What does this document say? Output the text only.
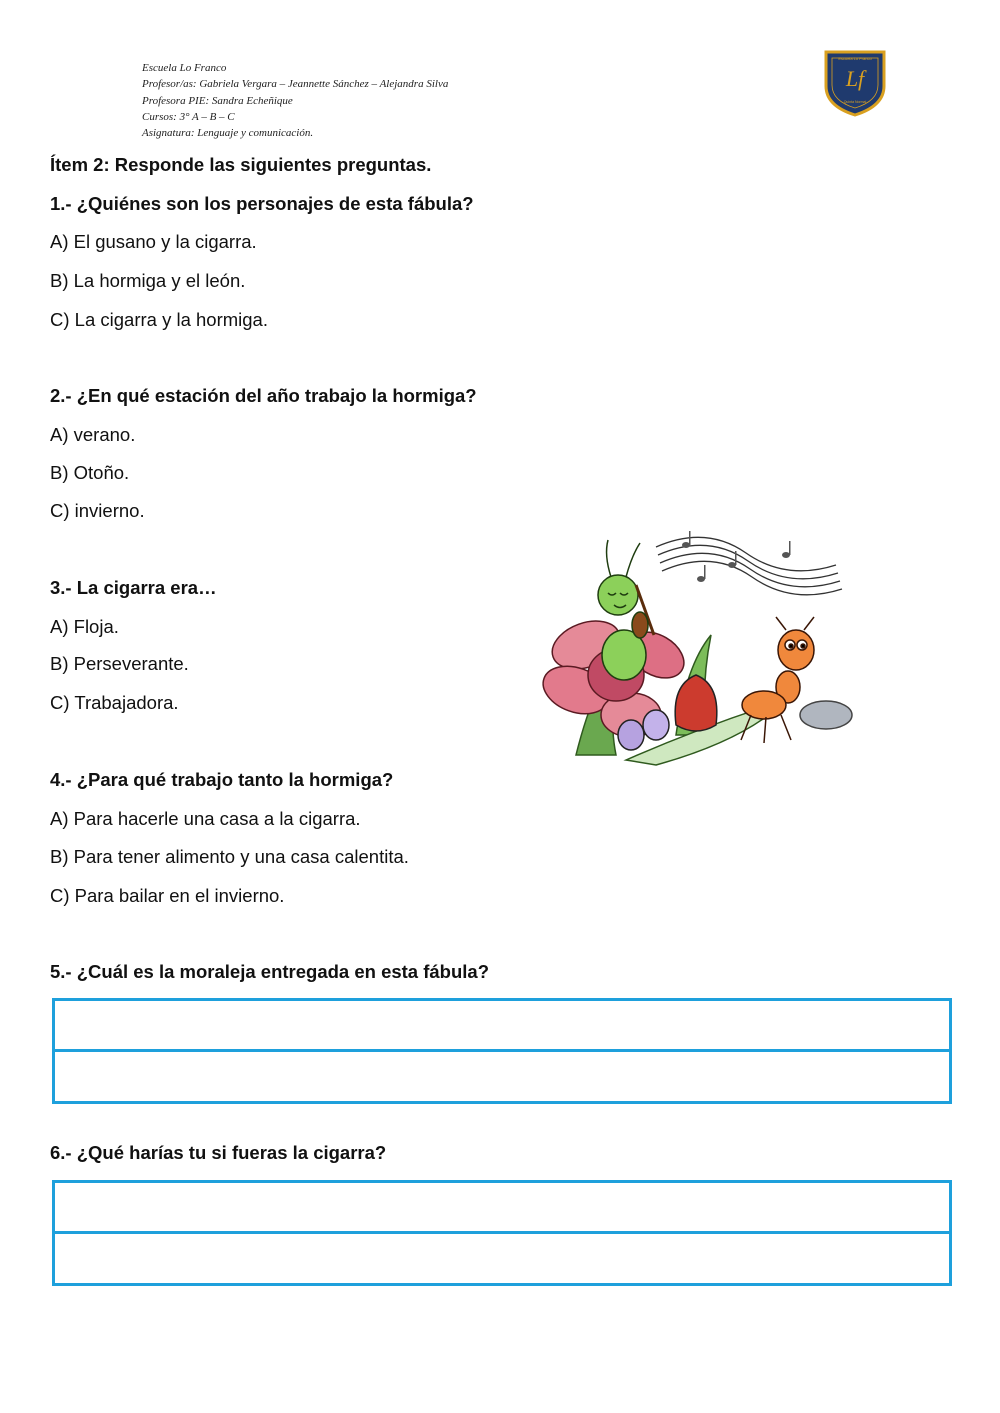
Escuela Lo Franco
Profesor/as: Gabriela Vergara – Jeannette Sánchez – Alejandra Silva
Profesora PIE: Sandra Echeñique
Cursos: 3° A – B – C
Asignatura: Lenguaje y comunicación.
Lf
Escuela Lo Franco
Quinta Normal
Ítem 2: Responde las siguientes preguntas.
1.- ¿Quiénes son los personajes de esta fábula?
A) El gusano y la cigarra.
B) La hormiga y el león.
C) La cigarra y la hormiga.
2.- ¿En qué estación del año trabajo la hormiga?
A) verano.
B) Otoño.
C) invierno.
3.- La cigarra era…
A) Floja.
B) Perseverante.
C) Trabajadora.
4.- ¿Para qué trabajo tanto la hormiga?
A) Para hacerle una casa a la cigarra.
B) Para tener alimento y una casa calentita.
C) Para bailar en el invierno.
5.- ¿Cuál es la moraleja entregada en esta fábula?
6.- ¿Qué harías tu si fueras la cigarra?
